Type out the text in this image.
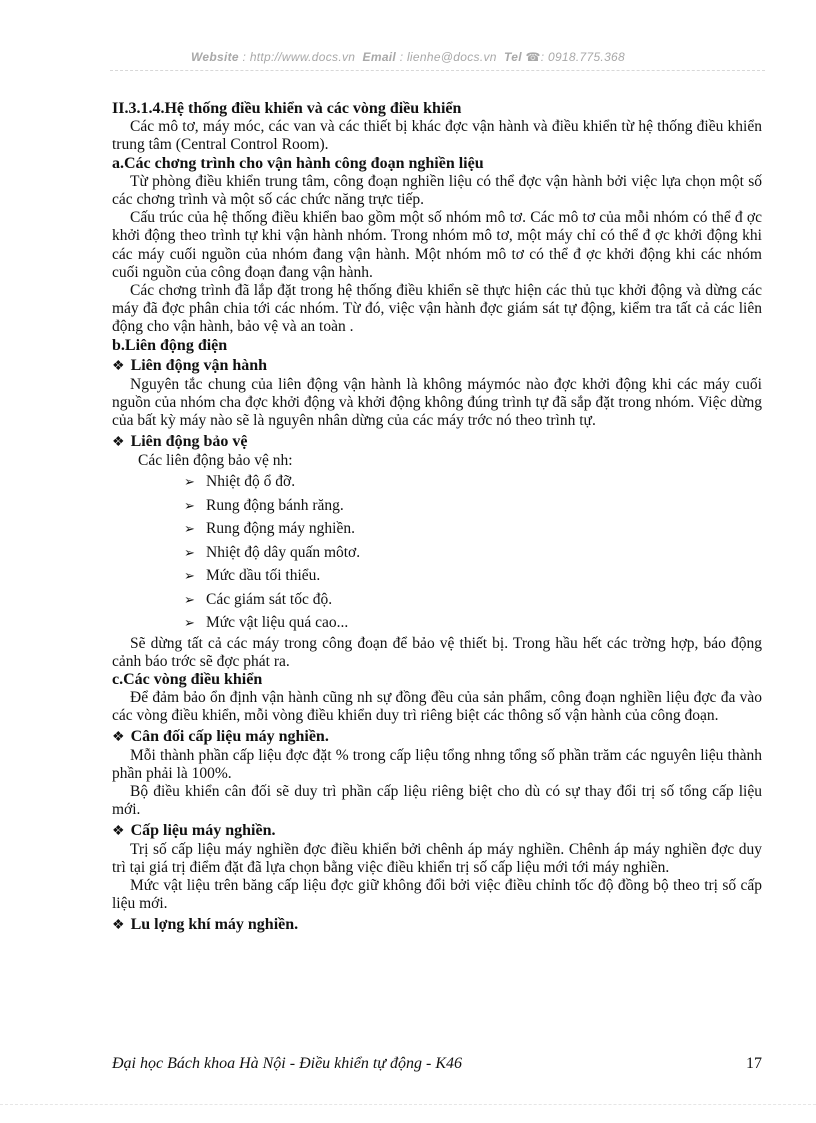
Website : http://www.docs.vn Email : lienhe@docs.vn Tel ☎: 0918.775.368

II.3.1.4.Hệ thống điều khiển và các vòng điều khiển

Các mô tơ, máy móc, các van và các thiết bị khác đợc vận hành và điều khiển từ hệ thống điều khiển trung tâm (Central Control Room).

a.Các chơng trình cho vận hành công đoạn nghiền liệu

Từ phòng điều khiển trung tâm, công đoạn nghiền liệu có thể đợc vận hành bởi việc lựa chọn một số các chơng trình và một số các chức năng trực tiếp.

Cấu trúc của hệ thống điều khiển bao gồm một số nhóm mô tơ. Các mô tơ của mỗi nhóm có thể đ ợc khởi động theo trình tự khi vận hành nhóm. Trong nhóm mô tơ, một máy chỉ có thể đ ợc khởi động khi các máy cuối nguồn của nhóm đang vận hành. Một nhóm mô tơ có thể đ ợc khởi động khi các nhóm cuối nguồn của công đoạn đang vận hành.

Các chơng trình đã lắp đặt trong hệ thống điều khiển sẽ thực hiện các thủ tục khởi động và dừng các máy đã đợc phân chia tới các nhóm. Từ đó, việc vận hành đợc giám sát tự động, kiểm tra tất cả các liên động cho vận hành, bảo vệ và an toàn .

b.Liên động điện

❖ Liên động vận hành

Nguyên tắc chung của liên động vận hành là không máymóc nào đợc khởi động khi các máy cuối nguồn của nhóm cha đợc khởi động và khởi động không đúng trình tự đã sắp đặt trong nhóm. Việc dừng của bất kỳ máy nào sẽ là nguyên nhân dừng của các máy trớc nó theo trình tự.

❖ Liên động bảo vệ

Các liên động bảo vệ nh:

➢ Nhiệt độ ổ đỡ.
➢ Rung động bánh răng.
➢ Rung động máy nghiền.
➢ Nhiệt độ dây quấn môtơ.
➢ Mức dầu tối thiểu.
➢ Các giám sát tốc độ.
➢ Mức vật liệu quá cao...

Sẽ dừng tất cả các máy trong công đoạn để bảo vệ thiết bị. Trong hầu hết các trờng hợp, báo động cảnh báo trớc sẽ đợc phát ra.

c.Các vòng điều khiển

Để đảm bảo ổn định vận hành cũng nh sự đồng đều của sản phẩm, công đoạn nghiền liệu đợc đa vào các vòng điều khiển, mỗi vòng điều khiển duy trì riêng biệt các thông số vận hành của công đoạn.

❖ Cân đối cấp liệu máy nghiền.

Mỗi thành phần cấp liệu đợc đặt % trong cấp liệu tổng nhng tổng số phần trăm các nguyên liệu thành phần phải là 100%.

Bộ điều khiển cân đối sẽ duy trì phần cấp liệu riêng biệt cho dù có sự thay đổi trị số tổng cấp liệu mới.

❖ Cấp liệu máy nghiền.

Trị số cấp liệu máy nghiền đợc điều khiển bởi chênh áp máy nghiền. Chênh áp máy nghiền đợc duy trì tại giá trị điểm đặt đã lựa chọn bằng việc điều khiển trị số cấp liệu mới tới máy nghiền.

Mức vật liệu trên băng cấp liệu đợc giữ không đổi bởi việc điều chỉnh tốc độ đồng bộ theo trị số cấp liệu mới.

❖ Lu lợng khí máy nghiền.

Đại học Bách khoa Hà Nội - Điều khiển tự động - K46	17
